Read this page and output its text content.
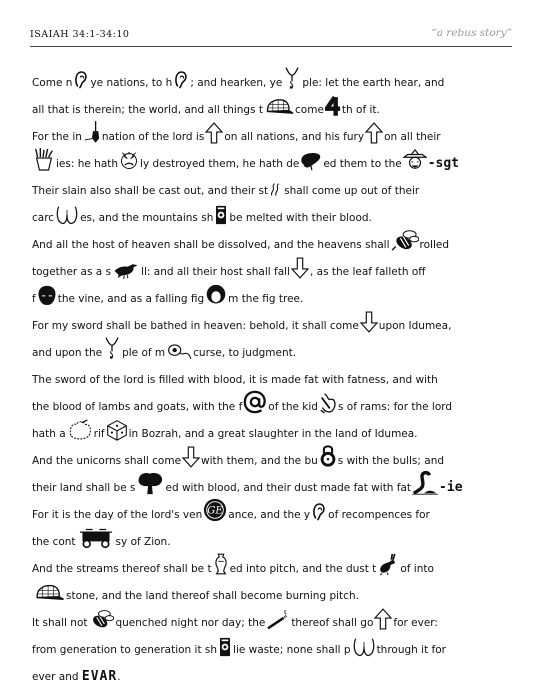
ISAIAH 34:1-34:10	“a rebus story”
Come n ye nations, to h ; and hearken, ye ple: let the earth hear, and
all that is therein; the world, and all things t	come th of it.
For the in nation of the lord is on all nations, and his fury on all their
ies: he hath ly destroyed them, he hath de ed them to the -sgt
Their slain also shall be cast out, and their st shall come up out of their
carc es, and the mountains sh be melted with their blood.
And all the host of heaven shall be dissolved, and the heavens shall	rolled
together as a s	ll: and all their host shall fall , as the leaf falleth off
f the vine, and as a falling fig m the fig tree.
For my sword shall be bathed in heaven: behold, it shall come upon Idumea,
and upon the ple of m	curse, to judgment.
The sword of the lord is filled with blood, it is made fat with fatness, and with
the blood of lambs and goats, with the f of the kid s of rams: for the lord
hath a	rif in Bozrah, and a great slaughter in the land of Idumea.
And the unicorns shall come with them, and the bu s with the bulls; and
their land shall be s	ed with blood, and their dust made fat with fat -ie
For it is the day of the lord's ven ance, and the y of recompences for
the cont	sy of Zion.
And the streams thereof shall be t ed into pitch, and the dust t of into
stone, and the land thereof shall become burning pitch.
It shall not	quenched night nor day; the thereof shall go for ever:
from generation to generation it sh lie waste; none shall p through it for
ever and
EVAR .
